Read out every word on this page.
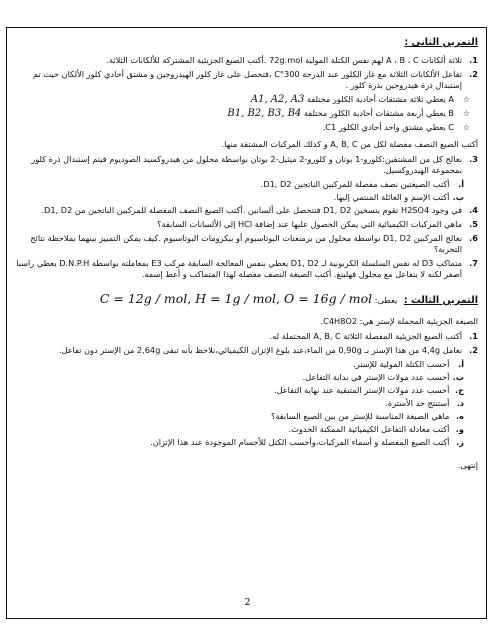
التمرين الثاني :
1.
ثلاثة ألكانات A ، B ، C لهم نفس الكتلة المولية 72g.mol .أكتب الصيغ الجزيئية المشتركة للألكانات الثلاثة.
2.
تفاعل الألكانات الثلاثة مع غاز الكلور عند الدرجة 300°C ،فتحصل على غاز كلور الهيدروجين و مشتق أحادي كلور الألكان حيث تم إستبدال ذرة هيدروجين بذرة كلور .
☆
A يعطي ثلاثة مشتقات أحادية الكلور مختلفة A1, A2, A3
☆
B يعطي أربعة مشتقات أحادية الكلور مختلفة B1, B2, B3, B4
☆
C يعطي مشتق واحد أحادي الكلور C1.
أكتب الصيغ النصف مفصلة لكل من A, B, C و كذلك المركبات المشتقة منها.
3.
نعالج كل من المشتقين:كلورو-1 بوتان و كلورو-2 ميثيل-2 بوتان بواسطة محلول من هيدروكسيد الصوديوم فيتم إستبدال ذرة كلور بمجموعة الهيدروكسيل.
أ. أكتب الصيغتين نصف مفصلة للمركبين الناتجين D1, D2.
ب. أكتب الإسم و العائلة المنتمي إليها.
4.
في وجود H2SO4 تقوم بتسخين D1, D2 فنتحصل على ألسانين .أكتب الصيغ النصف المفصلة للمركبين الناتجين من D1, D2.
5.
ماهي المركبات الكيميائية التي يمكن الحصول عليها عند إضافة HCl إلى الألسانات السابقة؟
6.
نعالج المركبين D1, D2 بواسطة محلول من برمنغنات البوتاسيوم أو بيكرومات البوتاسيوم .كيف يمكن التمييز بينهما بملاحظة نتائج التجربة؟
7.
متماكب D3 له نفس السلسلة الكربونية لـ D1, D2 يعطي بنفس المعالجة السابقة مركب E3 بمعاملته بواسطة D.N.P.H يعطي راسبا أصفر لكنه لا يتفاعل مع محلول فهلينغ. أكتب الصيغة النصف مفصلة لهذا المتماكب و أعط إسمه.
التمرين الثالث : يعطى: C = 12g / mol, H = 1g / mol, O = 16g / mol
الصيغة الجزيئية المجملة لإستر هي: C4H8O2.
1.
أكتب الصيغ الجزيئية المفصلة الثلاثة A, B, C المحتملة له.
2.
نعامل 4,4g من هذا الإستر بـ 0,90g من الماء،عند بلوغ الإتزان الكيميائي،نلاحظ بأنه تبقى 2,64g من الإستر دون تفاعل.
أ. أحسب الكتلة المولية للإستر.
ب. أحسب عدد مولات الإستر في بداية التفاعل.
ج. أحسب عدد مولات الإستر المتبقية عند نهاية التفاعل.
د. أستنتج حد الأسترة.
ه. ماهي الصيغة المناسبة للإستر من بين الصيغ السابقة؟
و. أكتب معادلة التفاعل الكيميائية الممكنة الحدوث.
ز. أكتب الصيغ المفصلة و أسماء المركبات،وأحسب الكتل للأجسام الموجودة عند هذا الإتزان.
إنتهى.
2
